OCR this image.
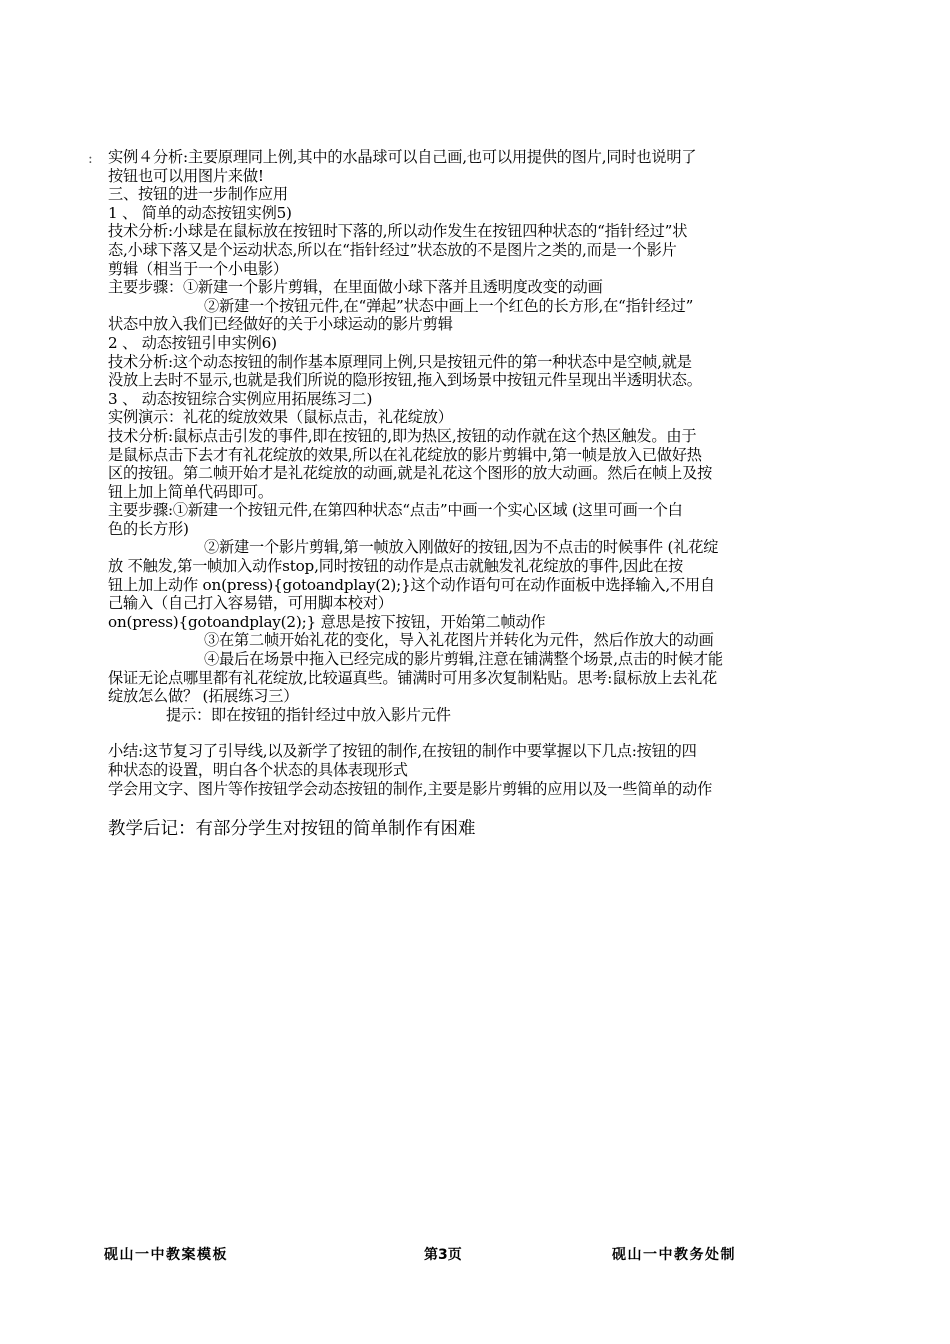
: 实例４分析:主要原理同上例,其中的水晶球可以自己画,也可以用提供的图片,同时也说明了

按钮也可以用图片来做!

三、按钮的进一步制作应用

1 、 简单的动态按钮实例5)

技术分析:小球是在鼠标放在按钮时下落的,所以动作发生在按钮四种状态的“指针经过”状

态,小球下落又是个运动状态,所以在“指针经过”状态放的不是图片之类的,而是一个影片

剪辑（相当于一个小电影）

主要步骤：①新建一个影片剪辑，在里面做小球下落并且透明度改变的动画

②新建一个按钮元件,在“弹起”状态中画上一个红色的长方形,在“指针经过”

状态中放入我们已经做好的关于小球运动的影片剪辑

2 、 动态按钮引申实例6)

技术分析:这个动态按钮的制作基本原理同上例,只是按钮元件的第一种状态中是空帧,就是

没放上去时不显示,也就是我们所说的隐形按钮,拖入到场景中按钮元件呈现出半透明状态。

3 、 动态按钮综合实例应用拓展练习二)

实例演示：礼花的绽放效果（鼠标点击，礼花绽放）

技术分析:鼠标点击引发的事件,即在按钮的,即为热区,按钮的动作就在这个热区触发。由于

是鼠标点击下去才有礼花绽放的效果,所以在礼花绽放的影片剪辑中,第一帧是放入已做好热

区的按钮。第二帧开始才是礼花绽放的动画,就是礼花这个图形的放大动画。然后在帧上及按

钮上加上简单代码即可。

主要步骤:①新建一个按钮元件,在第四种状态“点击”中画一个实心区域 (这里可画一个白

色的长方形)

②新建一个影片剪辑,第一帧放入刚做好的按钮,因为不点击的时候事件 (礼花绽

放 不触发,第一帧加入动作stop,同时按钮的动作是点击就触发礼花绽放的事件,因此在按

钮上加上动作 on(press){gotoandplay(2);}这个动作语句可在动作面板中选择输入,不用自

己输入（自己打入容易错，可用脚本校对）

on(press){gotoandplay(2);} 意思是按下按钮，开始第二帧动作

③在第二帧开始礼花的变化，导入礼花图片并转化为元件，然后作放大的动画

④最后在场景中拖入已经完成的影片剪辑,注意在铺满整个场景,点击的时候才能

保证无论点哪里都有礼花绽放,比较逼真些。铺满时可用多次复制粘贴。思考:鼠标放上去礼花

绽放怎么做？ (拓展练习三）

提示：即在按钮的指针经过中放入影片元件

小结:这节复习了引导线,以及新学了按钮的制作,在按钮的制作中要掌握以下几点:按钮的四

种状态的设置，明白各个状态的具体表现形式

学会用文字、图片等作按钮学会动态按钮的制作,主要是影片剪辑的应用以及一些简单的动作

教学后记：有部分学生对按钮的简单制作有困难

砚山一中教案模板	第3页	砚山一中教务处制
